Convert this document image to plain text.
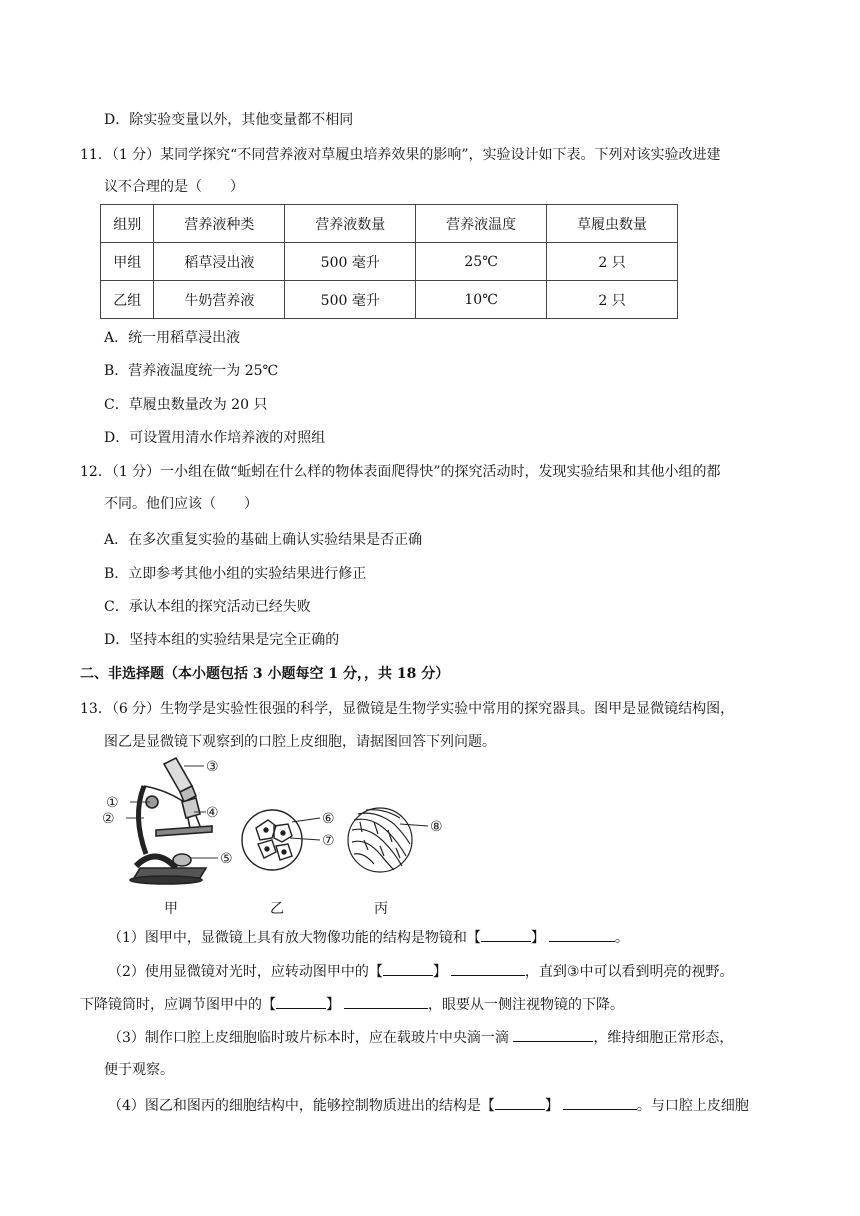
D．除实验变量以外，其他变量都不相同
11．（1 分）某同学探究“不同营养液对草履虫培养效果的影响”，实验设计如下表。下列对该实验改进建
议不合理的是（　　）
组别	营养液种类	营养液数量	营养液温度	草履虫数量
甲组	稻草浸出液	500 毫升	25℃	2 只
乙组	牛奶营养液	500 毫升	10℃	2 只
A．统一用稻草浸出液
B．营养液温度统一为 25℃
C．草履虫数量改为 20 只
D．可设置用清水作培养液的对照组
12．（1 分）一小组在做“蚯蚓在什么样的物体表面爬得快”的探究活动时，发现实验结果和其他小组的都
不同。他们应该（　　）
A．在多次重复实验的基础上确认实验结果是否正确
B．立即参考其他小组的实验结果进行修正
C．承认本组的探究活动已经失败
D．坚持本组的实验结果是完全正确的
二、非选择题（本小题包括 3 小题每空 1 分，，共 18 分）
13．（6 分）生物学是实验性很强的科学，显微镜是生物学实验中常用的探究器具。图甲是显微镜结构图，
图乙是显微镜下观察到的口腔上皮细胞，请据图回答下列问题。
③
①
④
②	⑥
⑦
⑧
⑤
甲	乙	丙
（1）图甲中，显微镜上具有放大物像功能的结构是物镜和【	】	。
（2）使用显微镜对光时，应转动图甲中的【	】	，直到③中可以看到明亮的视野。
下降镜筒时，应调节图甲中的【	】	，眼要从一侧注视物镜的下降。
（3）制作口腔上皮细胞临时玻片标本时，应在载玻片中央滴一滴	，维持细胞正常形态，
便于观察。
（4）图乙和图丙的细胞结构中，能够控制物质进出的结构是【	】	。与口腔上皮细胞
